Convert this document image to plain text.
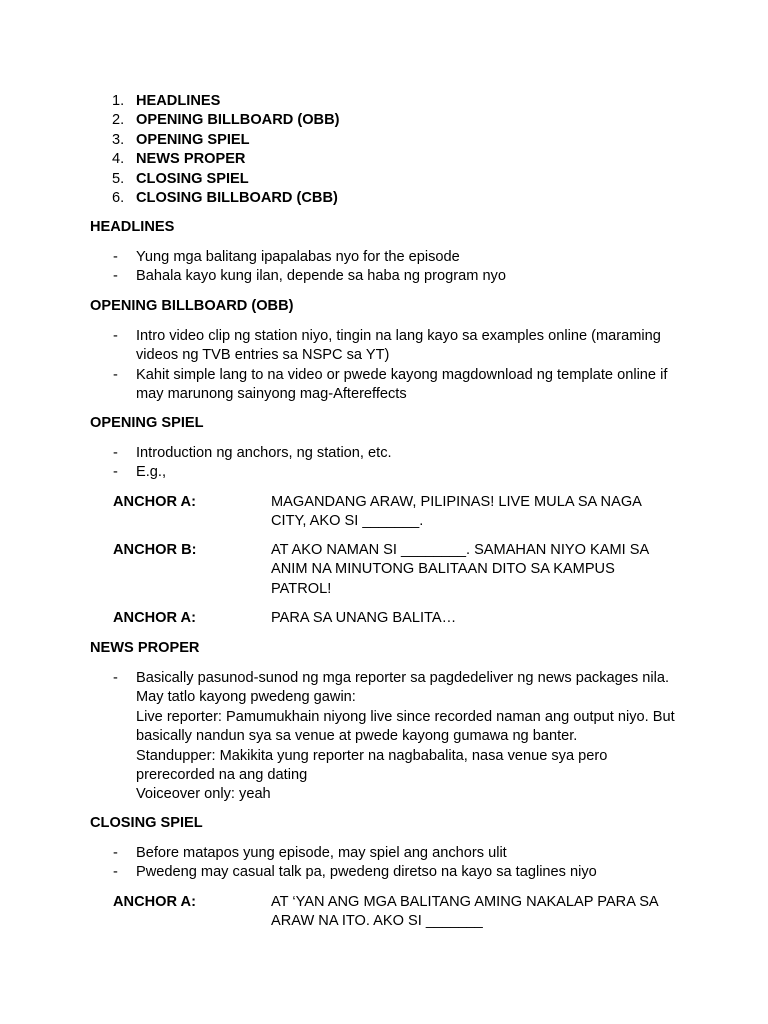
1. HEADLINES
2. OPENING BILLBOARD (OBB)
3. OPENING SPIEL
4. NEWS PROPER
5. CLOSING SPIEL
6. CLOSING BILLBOARD (CBB)
HEADLINES
- Yung mga balitang ipapalabas nyo for the episode
- Bahala kayo kung ilan, depende sa haba ng program nyo
OPENING BILLBOARD (OBB)
- Intro video clip ng station niyo, tingin na lang kayo sa examples online (maraming videos ng TVB entries sa NSPC sa YT)
- Kahit simple lang to na video or pwede kayong magdownload ng template online if may marunong sainyong mag-Aftereffects
OPENING SPIEL
- Introduction ng anchors, ng station, etc.
- E.g.,
ANCHOR A:	MAGANDANG ARAW, PILIPINAS! LIVE MULA SA NAGA CITY, AKO SI _______.
ANCHOR B:	AT AKO NAMAN SI ________. SAMAHAN NIYO KAMI SA ANIM NA MINUTONG BALITAAN DITO SA KAMPUS PATROL!
ANCHOR A:	PARA SA UNANG BALITA…
NEWS PROPER
- Basically pasunod-sunod ng mga reporter sa pagdedeliver ng news packages nila. May tatlo kayong pwedeng gawin:
Live reporter: Pamumukhain niyong live since recorded naman ang output niyo. But basically nandun sya sa venue at pwede kayong gumawa ng banter.
Standupper: Makikita yung reporter na nagbabalita, nasa venue sya pero prerecorded na ang dating
Voiceover only: yeah
CLOSING SPIEL
- Before matapos yung episode, may spiel ang anchors ulit
- Pwedeng may casual talk pa, pwedeng diretso na kayo sa taglines niyo
ANCHOR A:	AT ‘YAN ANG MGA BALITANG AMING NAKALAP PARA SA ARAW NA ITO. AKO SI _______
